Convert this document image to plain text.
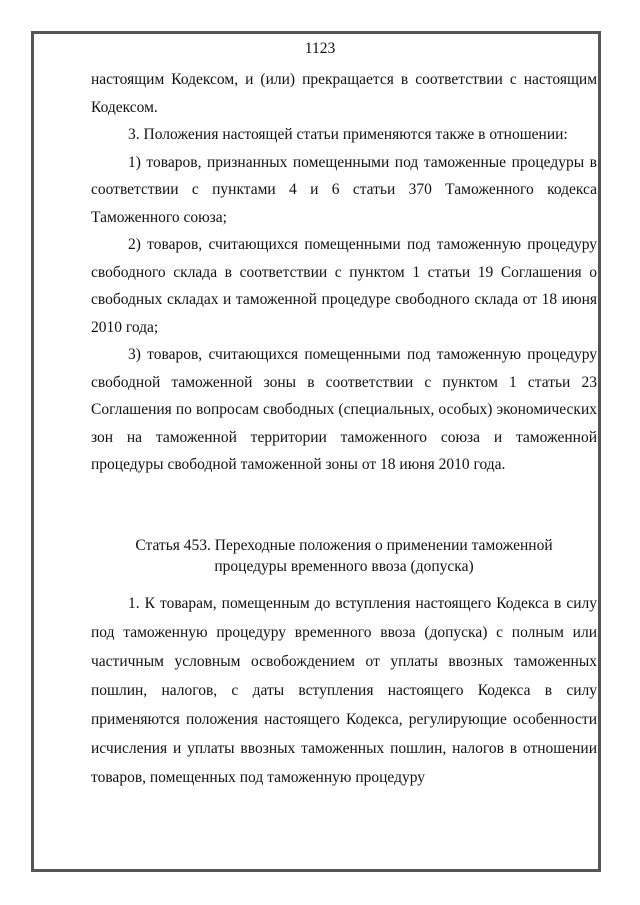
1123

настоящим Кодексом, и (или) прекращается в соответствии с настоящим Кодексом.

3. Положения настоящей статьи применяются также в отношении:

1) товаров, признанных помещенными под таможенные процедуры в соответствии с пунктами 4 и 6 статьи 370 Таможенного кодекса Таможенного союза;

2) товаров, считающихся помещенными под таможенную процедуру свободного склада в соответствии с пунктом 1 статьи 19 Соглашения о свободных складах и таможенной процедуре свободного склада от 18 июня 2010 года;

3) товаров, считающихся помещенными под таможенную процедуру свободной таможенной зоны в соответствии с пунктом 1 статьи 23 Соглашения по вопросам свободных (специальных, особых) экономических зон на таможенной территории таможенного союза и таможенной процедуры свободной таможенной зоны от 18 июня 2010 года.

Статья 453. Переходные положения о применении таможенной
процедуры временного ввоза (допуска)

1. К товарам, помещенным до вступления настоящего Кодекса в силу под таможенную процедуру временного ввоза (допуска) с полным или частичным условным освобождением от уплаты ввозных таможенных пошлин, налогов, с даты вступления настоящего Кодекса в силу применяются положения настоящего Кодекса, регулирующие особенности исчисления и уплаты ввозных таможенных пошлин, налогов в отношении товаров, помещенных под таможенную процедуру
